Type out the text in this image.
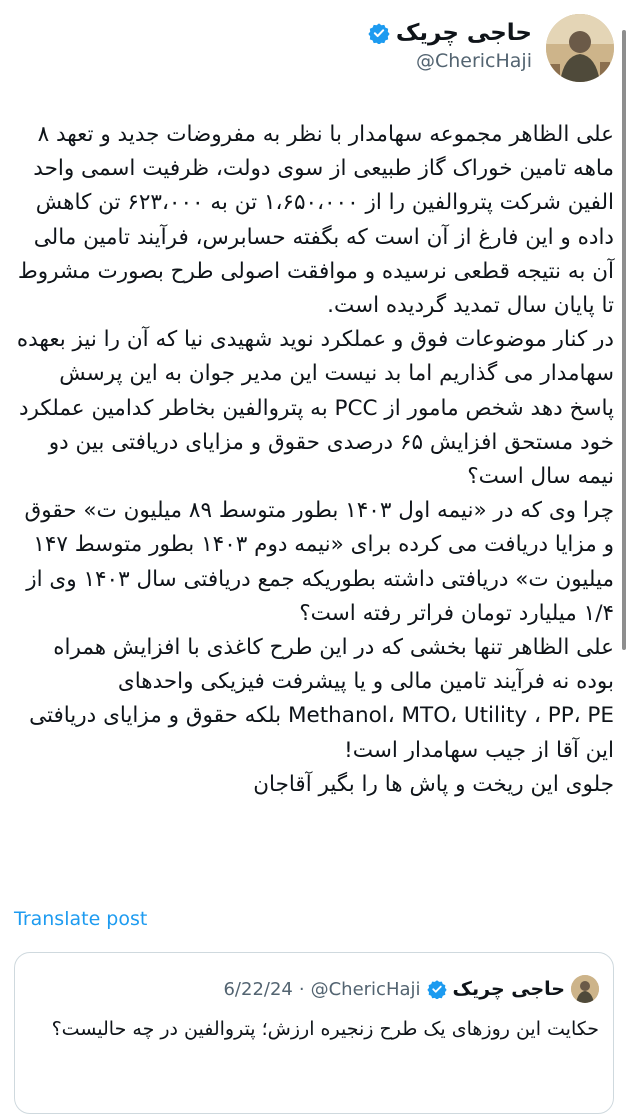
حاجی چریک
@ChericHaji

علی الظاهر مجموعه سهامدار با نظر به مفروضات جدید و تعهد ۸ ماهه تامین خوراک گاز طبیعی از سوی دولت، ظرفیت اسمی واحد الفین شرکت پترو‌الفین را از ۱،۶۵۰،۰۰۰ تن به ۶۲۳،۰۰۰ تن کاهش داده و این فارغ از آن است که بگفته حسابرس، فرآیند تامین مالی آن به نتیجه قطعی نرسیده و موافقت اصولی طرح بصورت مشروط تا پایان سال تمدید گردیده است.

در کنار موضوعات فوق و عملکرد نوید شهیدی نیا که آن را نیز بعهده سهامدار می گذاریم اما بد نیست این مدیر جوان به این پرسش پاسخ دهد شخص مامور از PCC به پترو‌الفین بخاطر کدامین عملکرد خود مستحق افزایش ۶۵ درصدی حقوق و مزایای دریافتی بین دو نیمه سال است؟

چرا وی که در «نیمه اول ۱۴۰۳ بطور متوسط ۸۹ میلیون ت» حقوق و مزایا دریافت می کرده برای «نیمه دوم ۱۴۰۳ بطور متوسط ۱۴۷ میلیون ت» دریافتی داشته بطوریکه جمع دریافتی سال ۱۴۰۳ وی از ۱/۴ میلیارد تومان فراتر رفته است؟

علی الظاهر تنها بخشی که در این طرح کاغذی با افزایش همراه بوده نه فرآیند تامین مالی و یا پیشرفت فیزیکی واحدهای Methanol، MTO، Utility ، PP، PE بلکه حقوق و مزایای دریافتی این آقا از جیب سهامدار است!

جلوی این ریخت و پاش ها را بگیر آقاجان

Translate post
حاجی چریک
@ChericHaji
·
6/22/24
حکایت این روزهای یک طرح زنجیره ارزش؛ پترو‌الفین در چه حالیست؟
